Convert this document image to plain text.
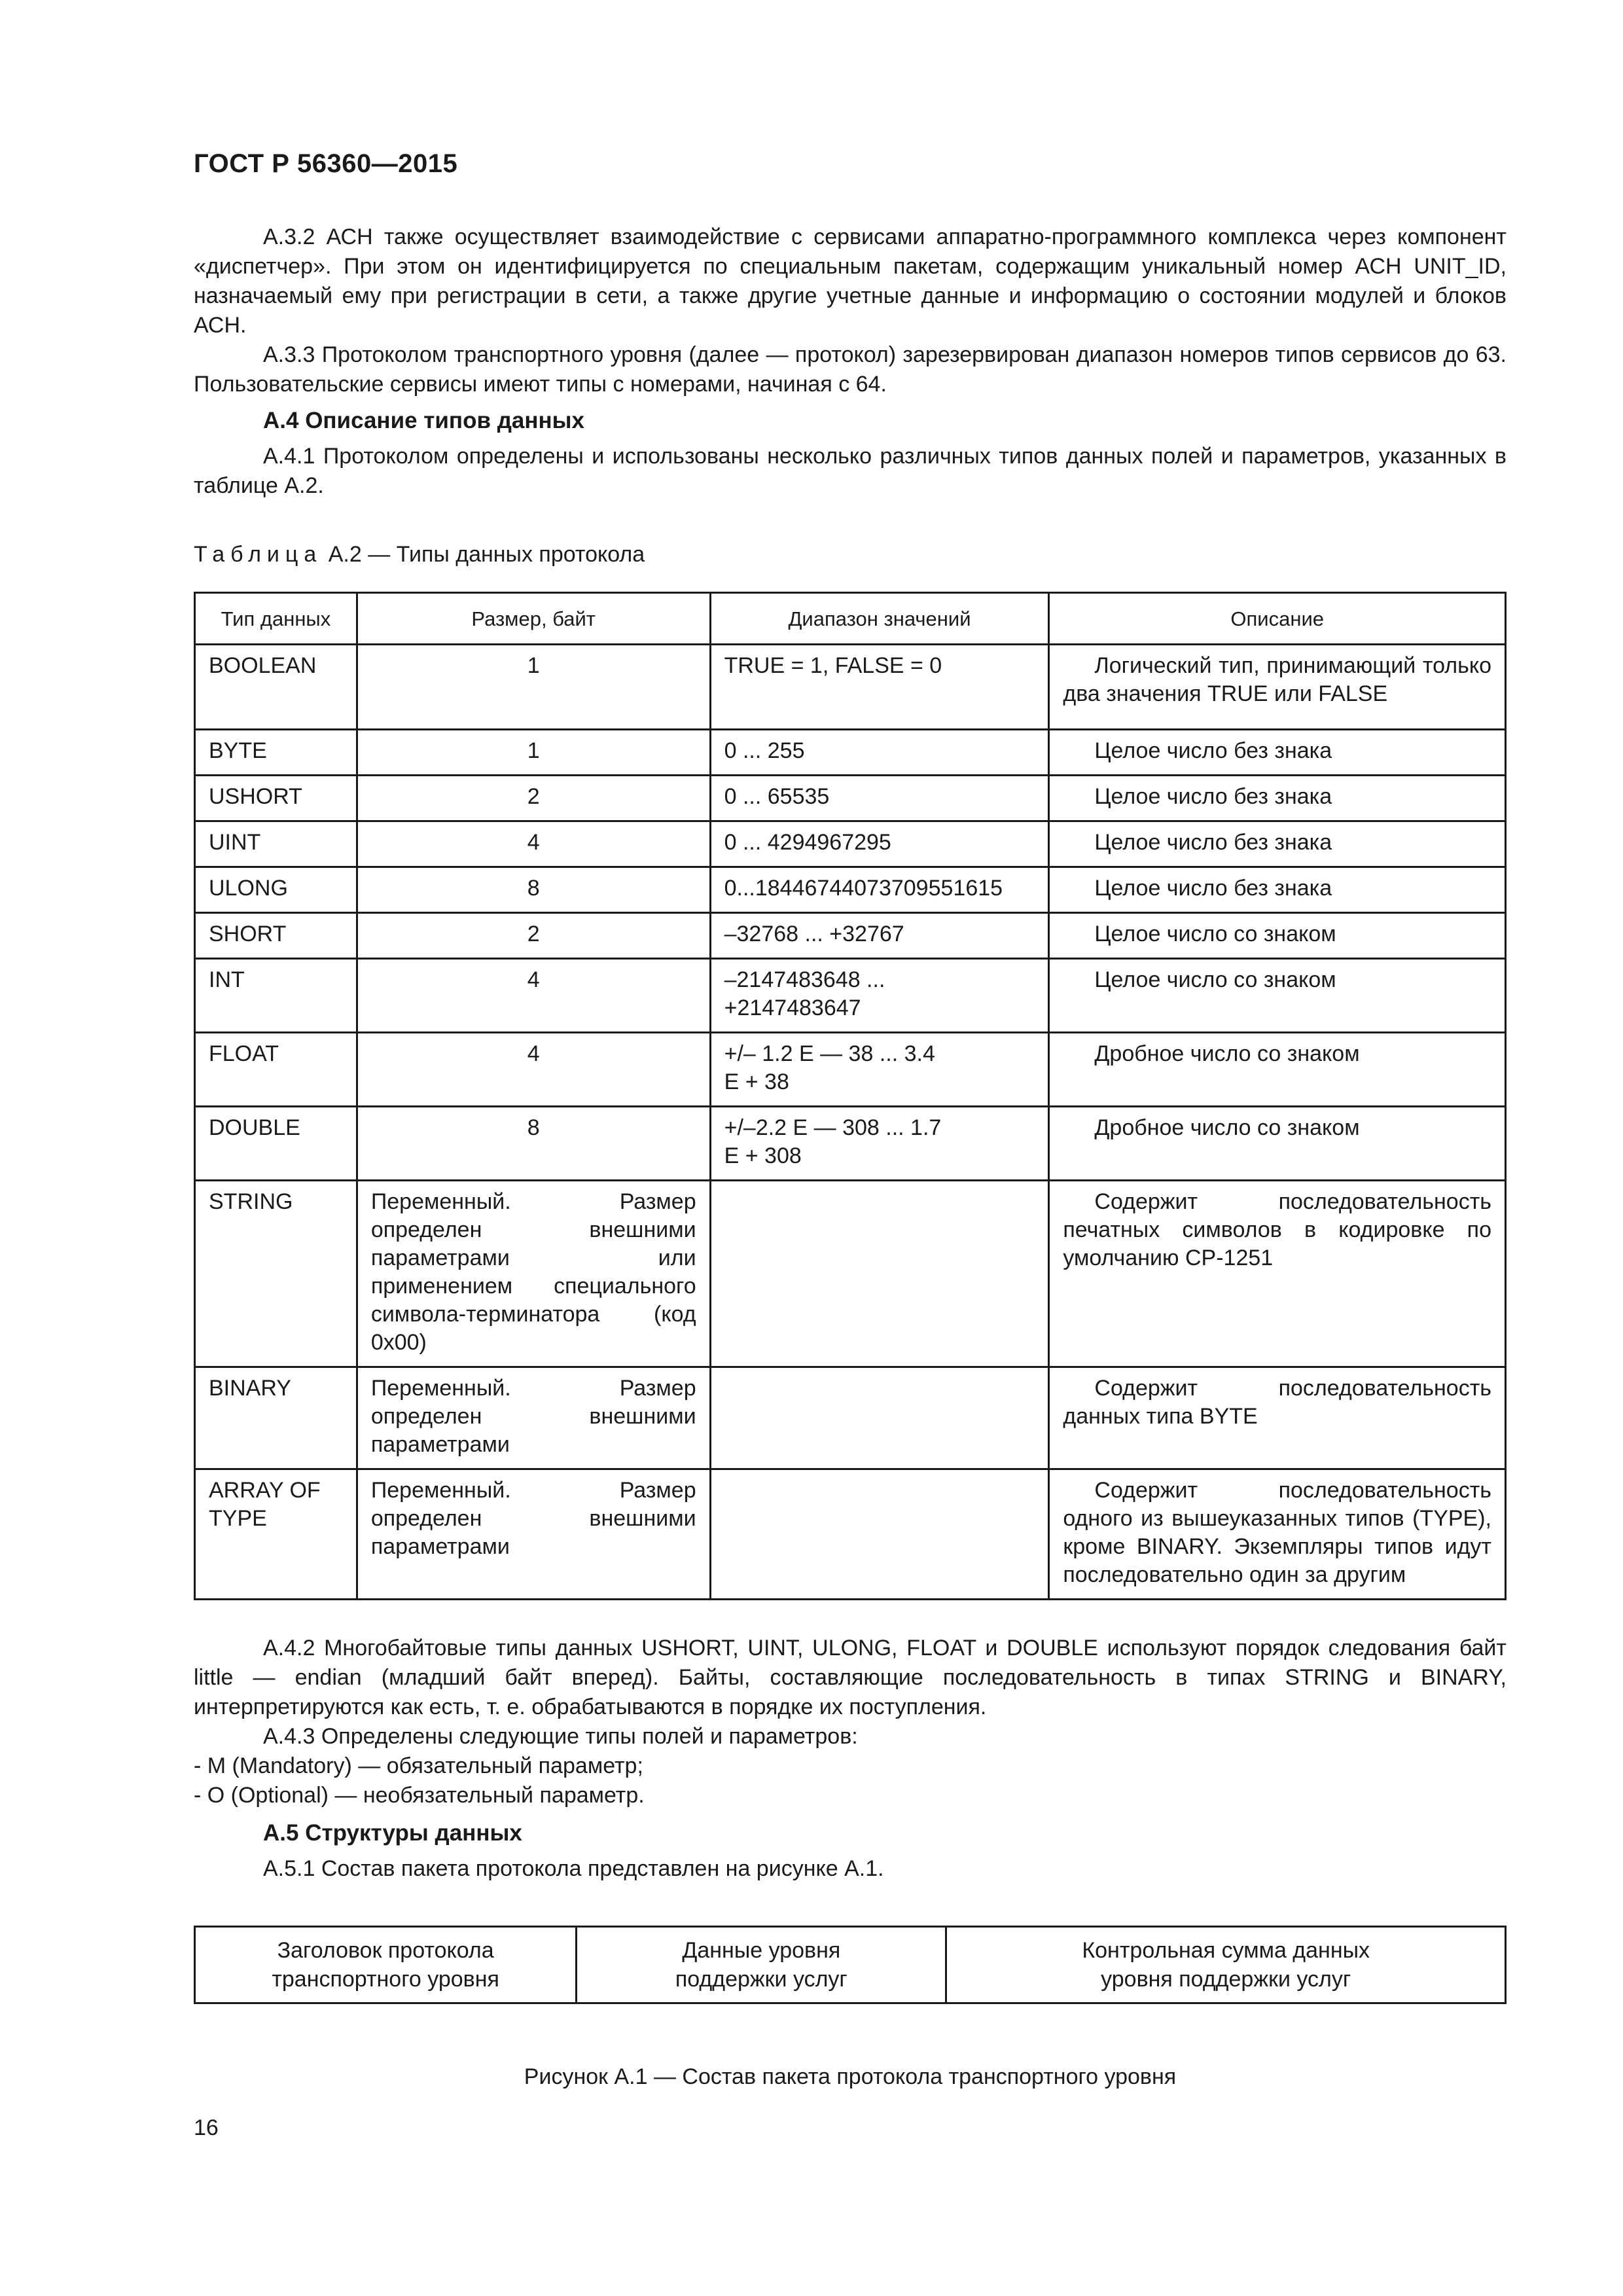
ГОСТ Р 56360—2015

А.3.2 АСН также осуществляет взаимодействие с сервисами аппаратно-программного комплекса через компонент «диспетчер». При этом он идентифицируется по специальным пакетам, содержащим уникальный номер АСН UNIT_ID, назначаемый ему при регистрации в сети, а также другие учетные данные и информацию о состоянии модулей и блоков АСН.

А.3.3 Протоколом транспортного уровня (далее — протокол) зарезервирован диапазон номеров типов сервисов до 63. Пользовательские сервисы имеют типы с номерами, начиная с 64.

А.4 Описание типов данных

А.4.1 Протоколом определены и использованы несколько различных типов данных полей и параметров, указанных в таблице А.2.

Таблица А.2 — Типы данных протокола
Тип данных	Размер, байт	Диапазон значений	Описание
BOOLEAN	1	TRUE = 1, FALSE = 0	Логический тип, принимающий только два значения TRUE или FALSE
BYTE	1	0 ... 255	Целое число без знака
USHORT	2	0 ... 65535	Целое число без знака
UINT	4	0 ... 4294967295	Целое число без знака
ULONG	8	0...18446744073709551615	Целое число без знака
SHORT	2	–32768 ... +32767	Целое число со знаком
INT	4	–2147483648 ... +2147483647	Целое число со знаком
FLOAT	4	+/– 1.2 E — 38 ... 3.4 E + 38	Дробное число со знаком
DOUBLE	8	+/–2.2 E — 308 ... 1.7 E + 308	Дробное число со знаком
STRING	Переменный. Размер определен внешними параметрами или применением специального символа-терминатора (код 0x00)		Содержит последовательность печатных символов в кодировке по умолчанию СР-1251
BINARY	Переменный. Размер определен внешними параметрами		Содержит последовательность данных типа BYTE
ARRAY OF TYPE	Переменный. Размер определен внешними параметрами		Содержит последовательность одного из вышеуказанных типов (TYPE), кроме BINARY. Экземпляры типов идут последовательно один за другим

А.4.2 Многобайтовые типы данных USHORT, UINT, ULONG, FLOAT и DOUBLE используют порядок следования байт little — endian (младший байт вперед). Байты, составляющие последовательность в типах STRING и BINARY, интерпретируются как есть, т. е. обрабатываются в порядке их поступления.

А.4.3 Определены следующие типы полей и параметров:

- М (Mandatory) — обязательный параметр;

- О (Optional) — необязательный параметр.

А.5 Структуры данных

А.5.1 Состав пакета протокола представлен на рисунке А.1.

Заголовок протокола
транспортного уровня

Данные уровня
поддержки услуг

Контрольная сумма данных
уровня поддержки услуг
Рисунок А.1 — Состав пакета протокола транспортного уровня
16
